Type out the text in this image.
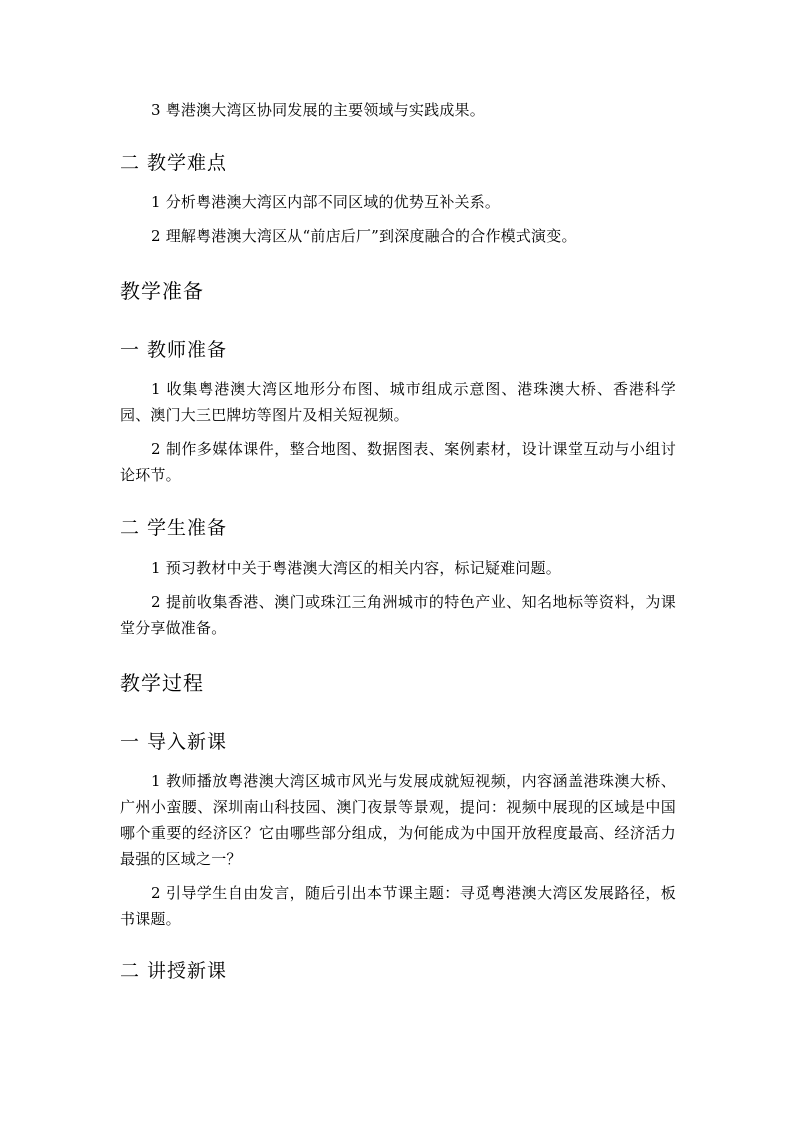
3 粤港澳大湾区协同发展的主要领域与实践成果。

二 教学难点

1 分析粤港澳大湾区内部不同区域的优势互补关系。

2 理解粤港澳大湾区从“前店后厂”到深度融合的合作模式演变。

教学准备
一 教师准备

1 收集粤港澳大湾区地形分布图、城市组成示意图、港珠澳大桥、香港科学园、澳门大三巴牌坊等图片及相关短视频。

2 制作多媒体课件，整合地图、数据图表、案例素材，设计课堂互动与小组讨论环节。

二 学生准备

1 预习教材中关于粤港澳大湾区的相关内容，标记疑难问题。

2 提前收集香港、澳门或珠江三角洲城市的特色产业、知名地标等资料，为课堂分享做准备。

教学过程
一 导入新课

1 教师播放粤港澳大湾区城市风光与发展成就短视频，内容涵盖港珠澳大桥、广州小蛮腰、深圳南山科技园、澳门夜景等景观，提问：视频中展现的区域是中国哪个重要的经济区？它由哪些部分组成，为何能成为中国开放程度最高、经济活力最强的区域之一？

2 引导学生自由发言，随后引出本节课主题：寻觅粤港澳大湾区发展路径，板书课题。

二 讲授新课
